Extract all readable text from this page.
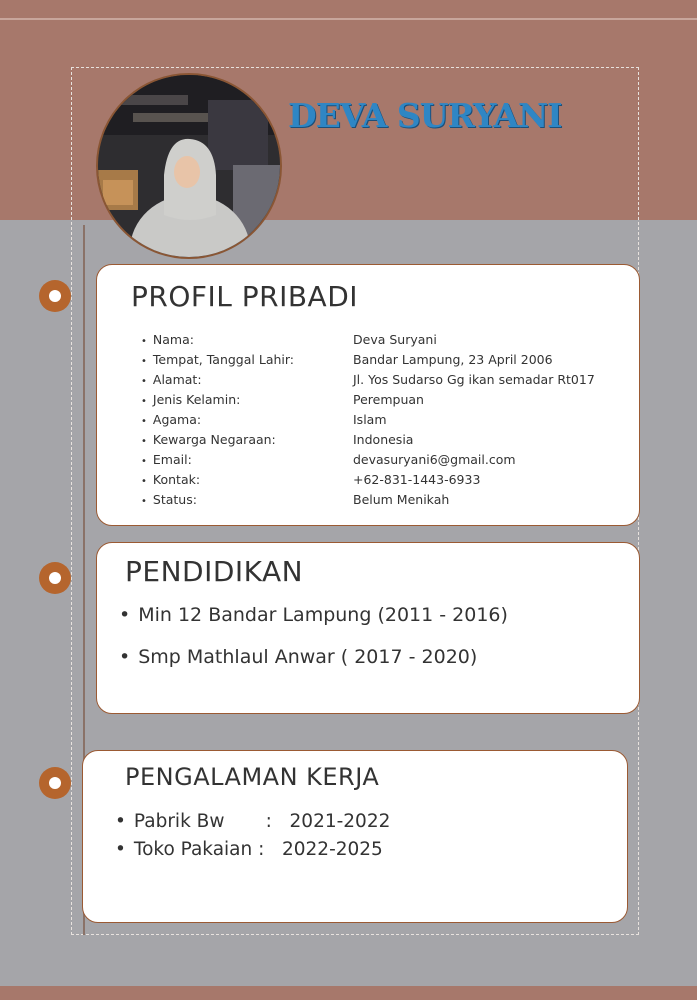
DEVA SURYANI
PROFIL PRIBADI
• Nama:	Deva Suryani
• Tempat, Tanggal Lahir:	Bandar Lampung, 23 April 2006
• Alamat:	Jl. Yos Sudarso Gg ikan semadar Rt017
• Jenis Kelamin:	Perempuan
• Agama:	Islam
• Kewarga Negaraan:	Indonesia
• Email:	devasuryani6@gmail.com
• Kontak:	+62-831-1443-6933
• Status:	Belum Menikah
PENDIDIKAN
• Min 12 Bandar Lampung (2011 - 2016)
• Smp Mathlaul Anwar ( 2017 - 2020)
PENGALAMAN KERJA
• Pabrik Bw       :   2021-2022
• Toko Pakaian :   2022-2025
